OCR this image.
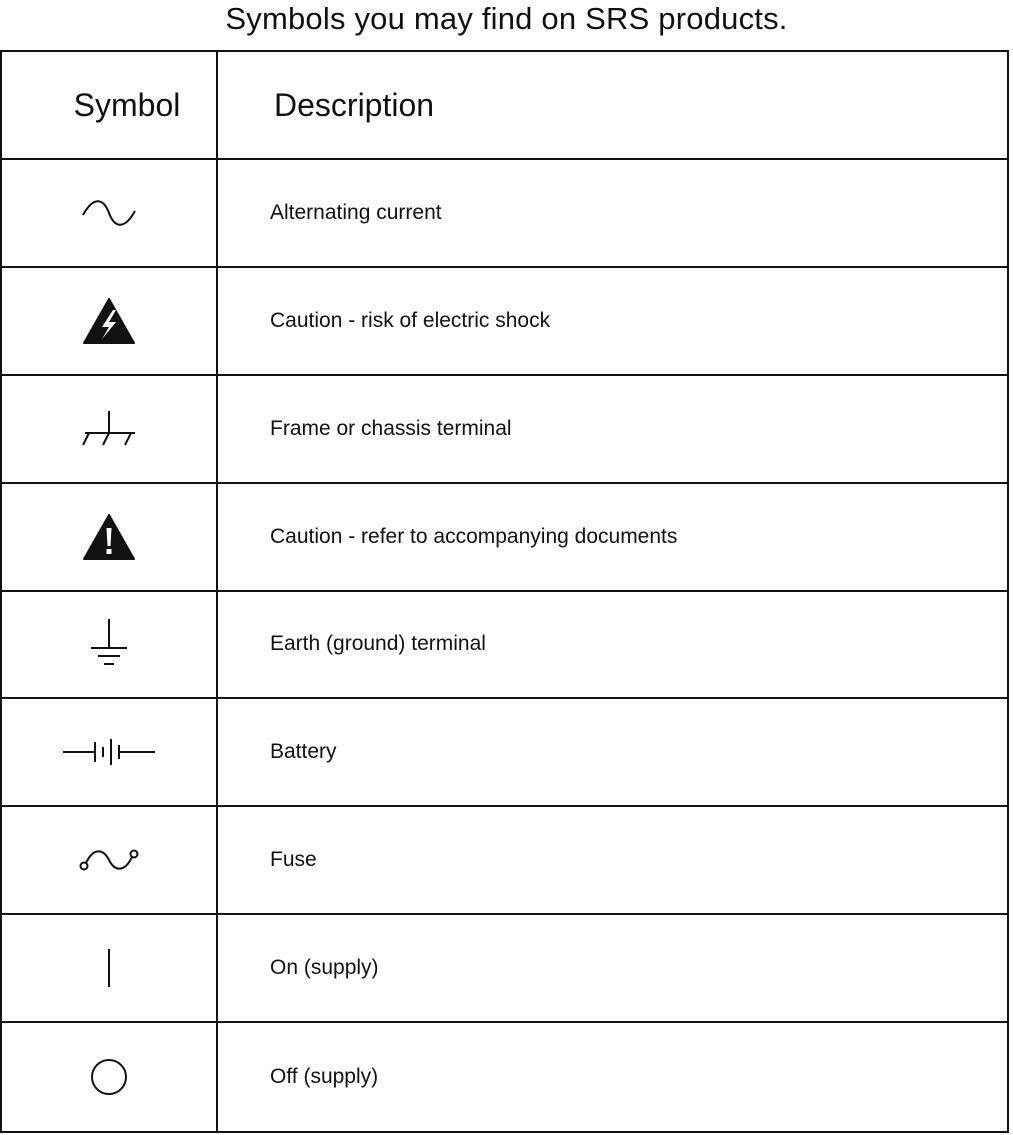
Symbols you may find on SRS products.
Symbol	Description
Alternating current
Caution - risk of electric shock
Frame or chassis terminal
Caution - refer to accompanying documents
Earth (ground) terminal
Battery
Fuse
On (supply)
Off (supply)
